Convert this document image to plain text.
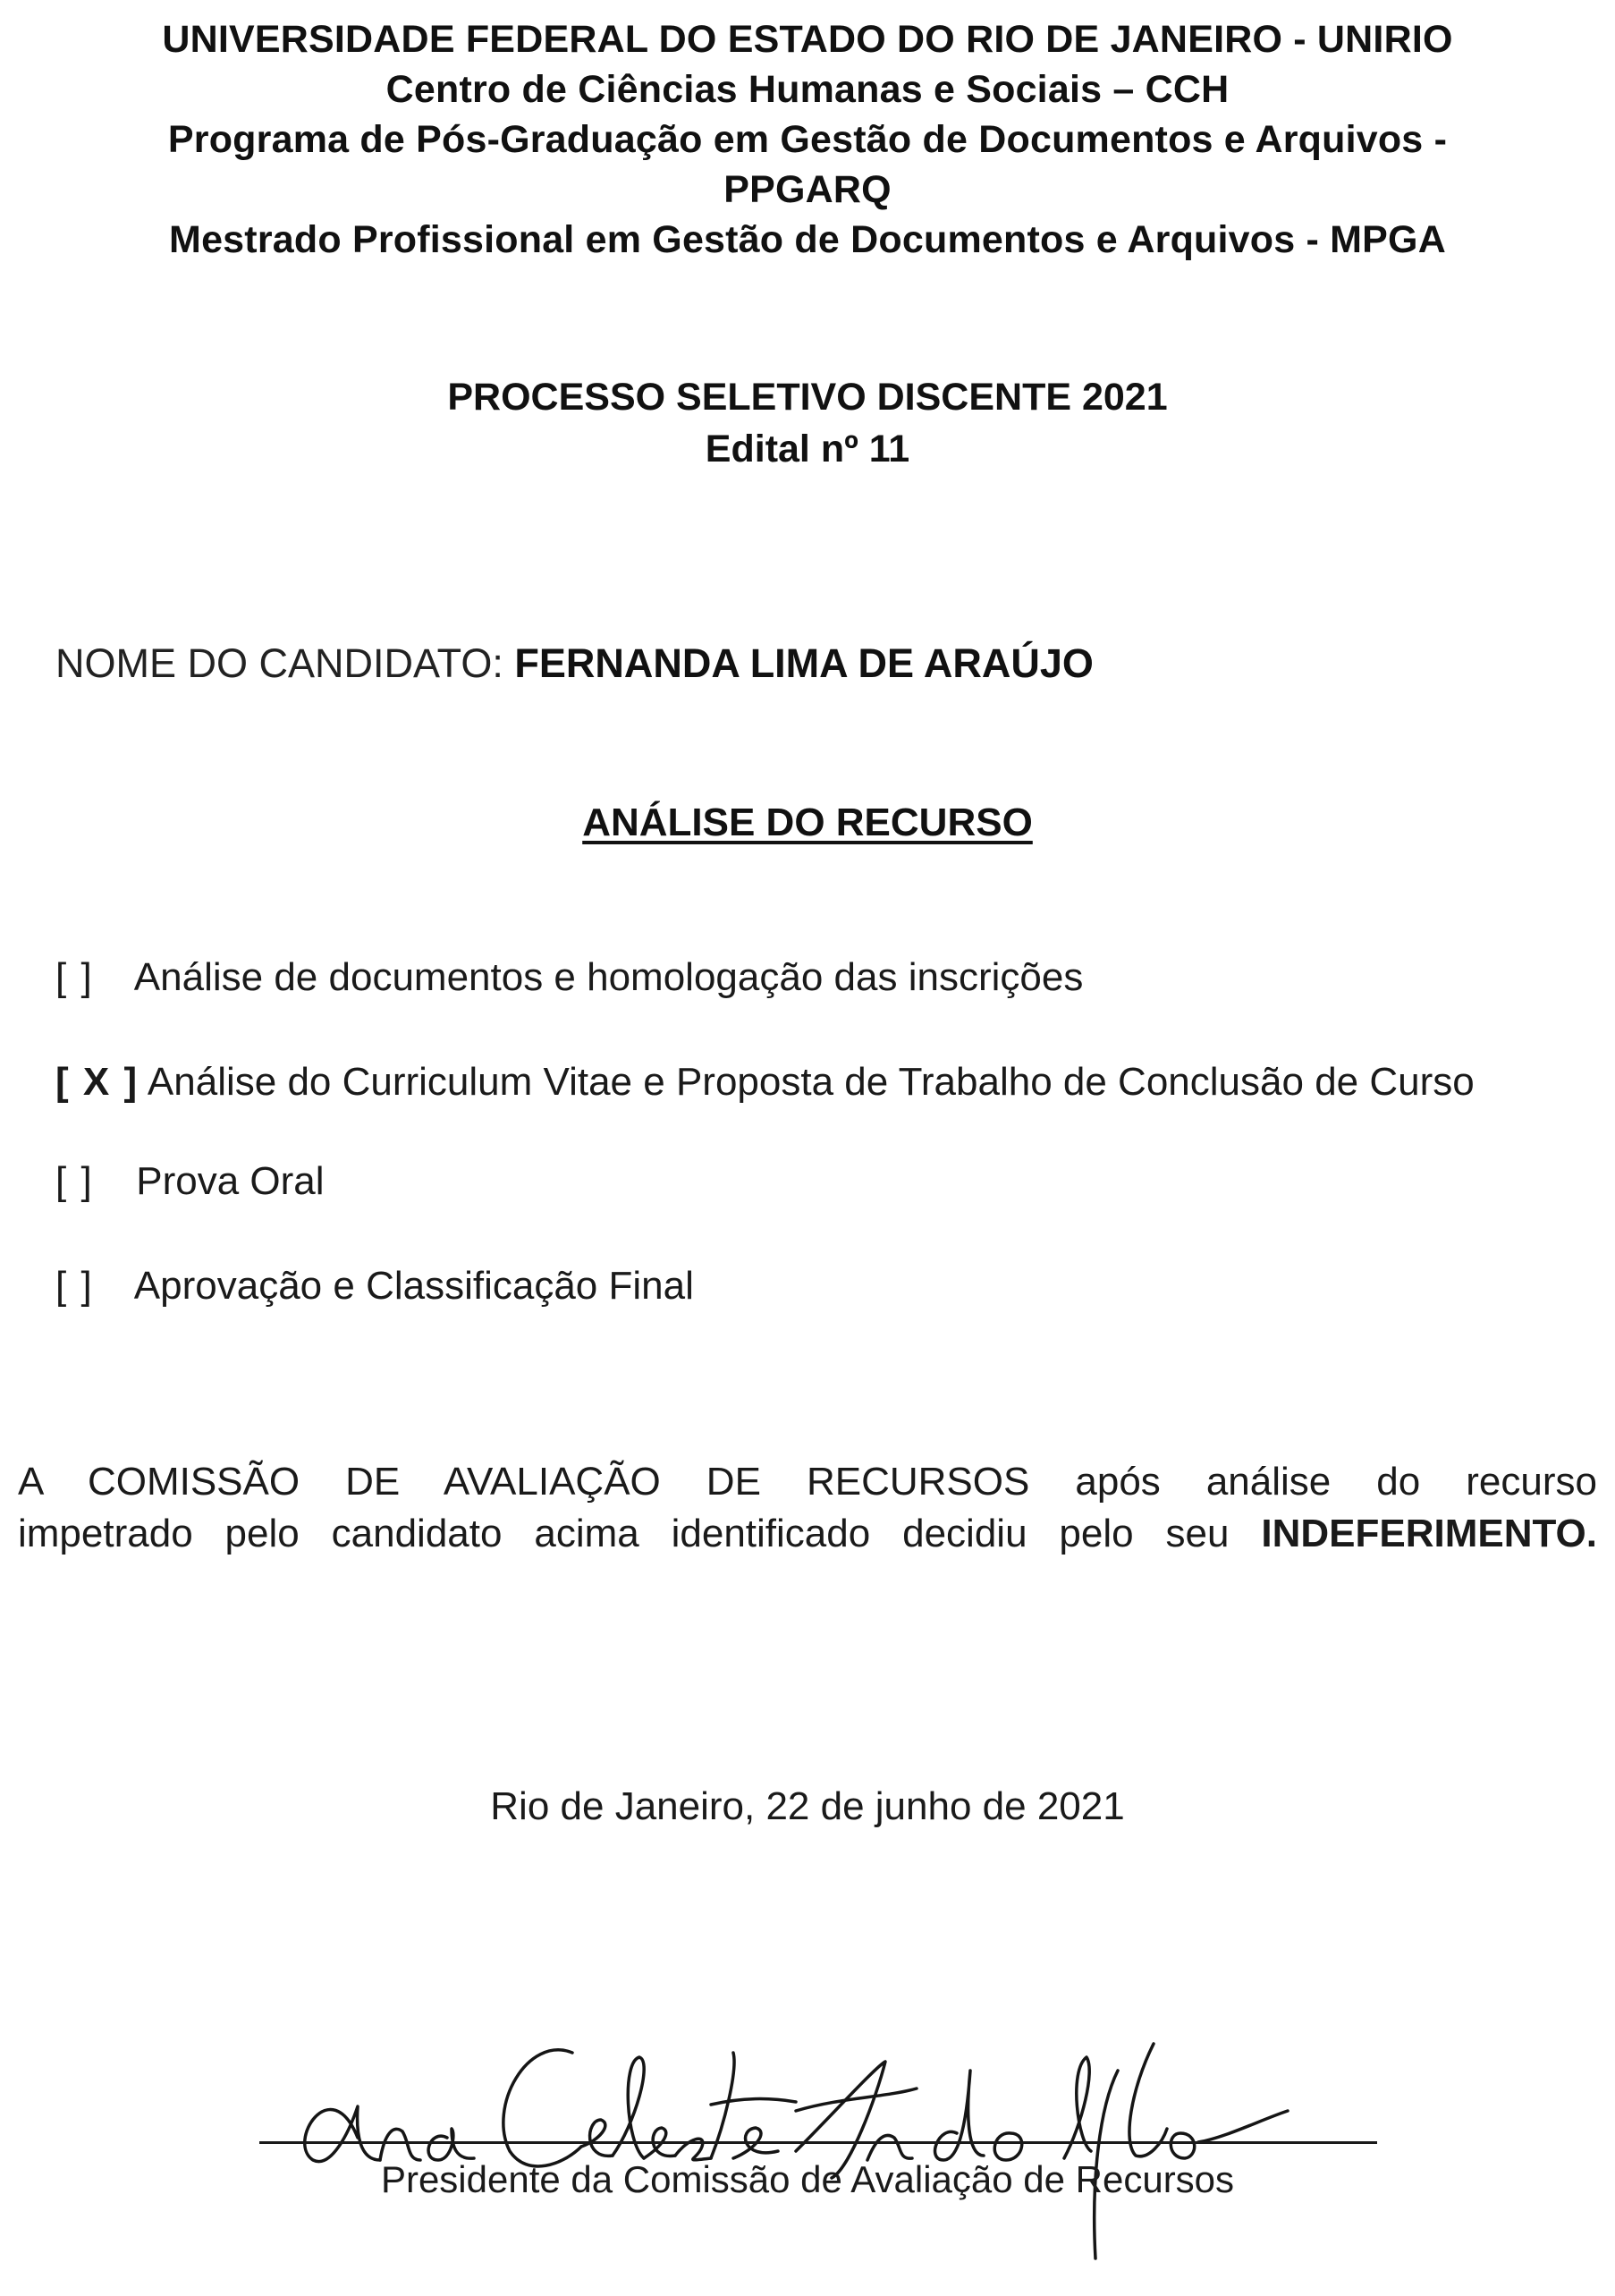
UNIVERSIDADE FEDERAL DO ESTADO DO RIO DE JANEIRO - UNIRIO
Centro de Ciências Humanas e Sociais – CCH
Programa de Pós-Graduação em Gestão de Documentos e Arquivos -
PPGARQ
Mestrado Profissional em Gestão de Documentos e Arquivos - MPGA
PROCESSO SELETIVO DISCENTE 2021
Edital nº 11
NOME DO CANDIDATO: FERNANDA LIMA DE ARAÚJO
ANÁLISE DO RECURSO
[ ] Análise de documentos e homologação das inscrições
[ X ] Análise do Curriculum Vitae e Proposta de Trabalho de Conclusão de Curso
[ ] Prova Oral
[ ] Aprovação e Classificação Final
A COMISSÃO DE AVALIAÇÃO DE RECURSOS após análise do recurso
impetrado pelo candidato acima identificado decidiu pelo seu INDEFERIMENTO.
Rio de Janeiro, 22 de junho de 2021
Presidente da Comissão de Avaliação de Recursos
